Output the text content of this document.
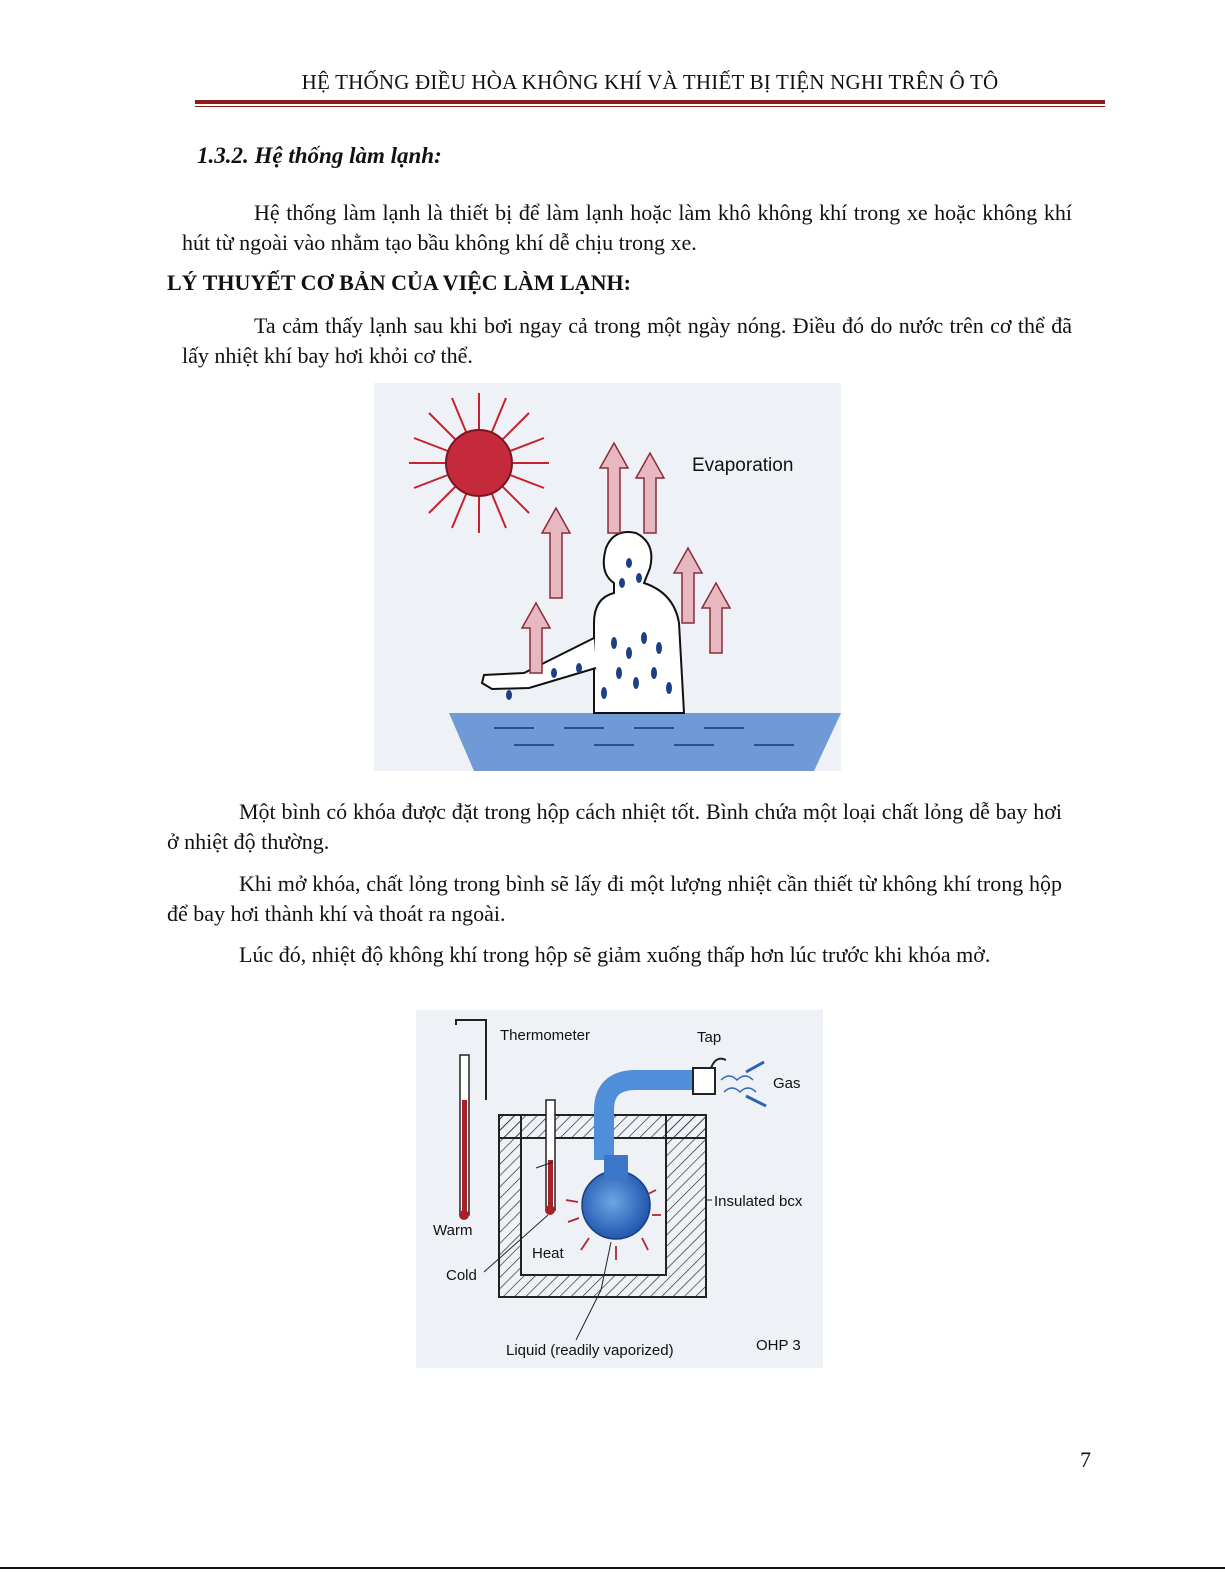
HỆ THỐNG ĐIỀU HÒA KHÔNG KHÍ VÀ THIẾT BỊ TIỆN NGHI TRÊN Ô TÔ
1.3.2. Hệ thống làm lạnh:
Hệ thống làm lạnh là thiết bị để làm lạnh hoặc làm khô không khí trong xe hoặc không khí hút từ ngoài vào nhằm tạo bầu không khí dễ chịu trong xe.
LÝ THUYẾT CƠ BẢN CỦA VIỆC LÀM LẠNH:
Ta cảm thấy lạnh sau khi bơi ngay cả trong một ngày nóng. Điều đó do nước trên cơ thể đã lấy nhiệt khí bay hơi khỏi cơ thể.
Evaporation
Một bình có khóa được đặt trong hộp cách nhiệt tốt. Bình chứa một loại chất lỏng dễ bay hơi ở nhiệt độ thường.
Khi mở khóa, chất lỏng trong bình sẽ lấy đi một lượng nhiệt cần thiết từ không khí trong hộp để bay hơi thành khí và thoát ra ngoài.
Lúc đó, nhiệt độ không khí trong hộp sẽ giảm xuống thấp hơn lúc trước khi khóa mở.
Thermometer	Tap
Gas
Insulated bcx
Warm
Heat
Cold
Liquid (readily vaporized)	OHP 3
7
